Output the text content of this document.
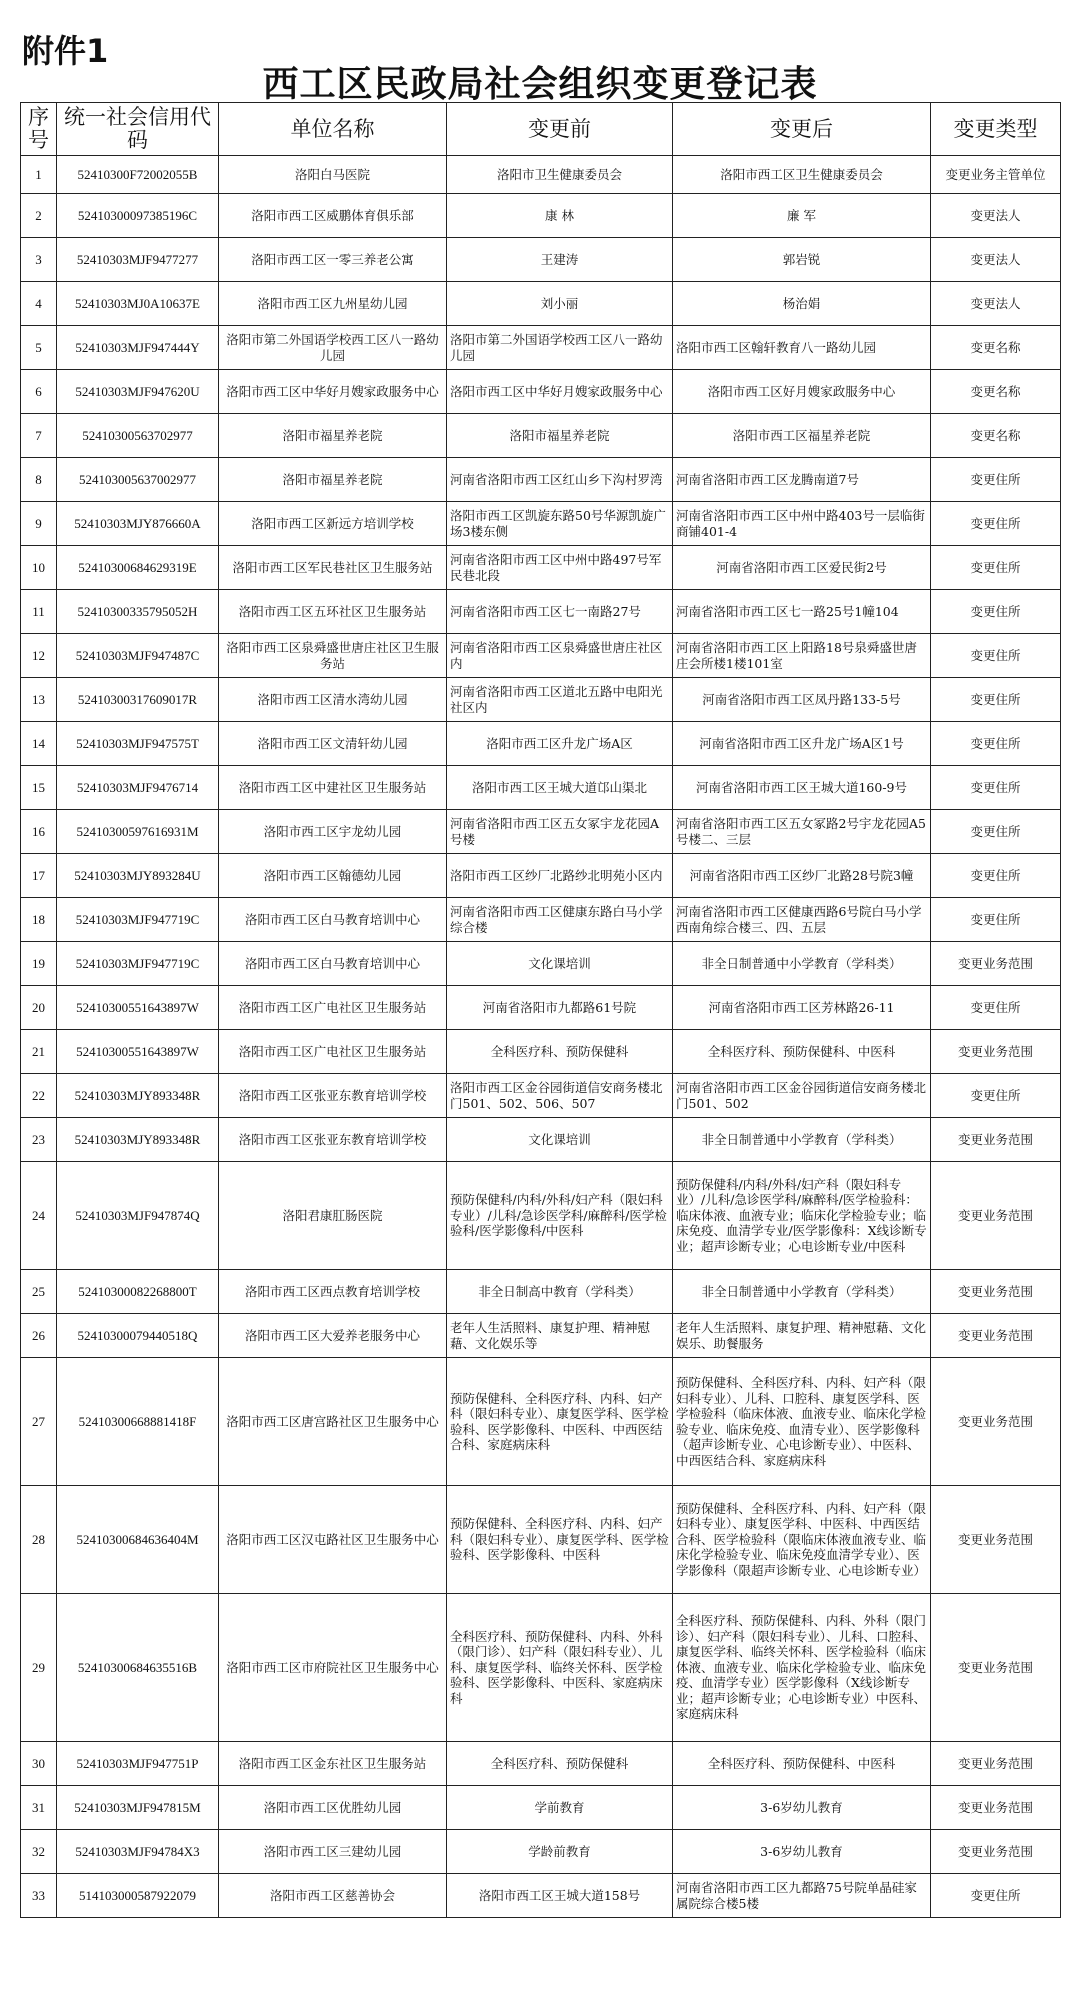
附件1
西工区民政局社会组织变更登记表
序号	统一社会信用代码	单位名称	变更前	变更后	变更类型
1	52410300F72002055B	洛阳白马医院	洛阳市卫生健康委员会	洛阳市西工区卫生健康委员会	变更业务主管单位
2	52410300097385196C	洛阳市西工区威鹏体育俱乐部	康 林	廉 军	变更法人
3	52410303MJF9477277	洛阳市西工区一零三养老公寓	王建涛	郭岩锐	变更法人
4	52410303MJ0A10637E	洛阳市西工区九州星幼儿园	刘小丽	杨治娟	变更法人
5	52410303MJF947444Y	洛阳市第二外国语学校西工区八一路幼儿园	洛阳市第二外国语学校西工区八一路幼儿园	洛阳市西工区翰轩教育八一路幼儿园	变更名称
6	52410303MJF947620U	洛阳市西工区中华好月嫂家政服务中心	洛阳市西工区中华好月嫂家政服务中心	洛阳市西工区好月嫂家政服务中心	变更名称
7	52410300563702977	洛阳市福星养老院	洛阳市福星养老院	洛阳市西工区福星养老院	变更名称
8	524103005637002977	洛阳市福星养老院	河南省洛阳市西工区红山乡下沟村罗湾	河南省洛阳市西工区龙腾南道7号	变更住所
9	52410303MJY876660A	洛阳市西工区新远方培训学校	洛阳市西工区凯旋东路50号华源凯旋广场3楼东侧	河南省洛阳市西工区中州中路403号一层临街商铺401-4	变更住所
10	52410300684629319E	洛阳市西工区军民巷社区卫生服务站	河南省洛阳市西工区中州中路497号军民巷北段	河南省洛阳市西工区爱民街2号	变更住所
11	52410300335795052H	洛阳市西工区五环社区卫生服务站	河南省洛阳市西工区七一南路27号	河南省洛阳市西工区七一路25号1幢104	变更住所
12	52410303MJF947487C	洛阳市西工区泉舜盛世唐庄社区卫生服务站	河南省洛阳市西工区泉舜盛世唐庄社区内	河南省洛阳市西工区上阳路18号泉舜盛世唐庄会所楼1楼101室	变更住所
13	52410300317609017R	洛阳市西工区清水湾幼儿园	河南省洛阳市西工区道北五路中电阳光社区内	河南省洛阳市西工区凤丹路133-5号	变更住所
14	52410303MJF947575T	洛阳市西工区文清轩幼儿园	洛阳市西工区升龙广场A区	河南省洛阳市西工区升龙广场A区1号	变更住所
15	52410303MJF9476714	洛阳市西工区中建社区卫生服务站	洛阳市西工区王城大道邙山渠北	河南省洛阳市西工区王城大道160-9号	变更住所
16	52410300597616931M	洛阳市西工区宇龙幼儿园	河南省洛阳市西工区五女冢宇龙花园A号楼	河南省洛阳市西工区五女冢路2号宇龙花园A5号楼二、三层	变更住所
17	52410303MJY893284U	洛阳市西工区翰德幼儿园	洛阳市西工区纱厂北路纱北明苑小区内	河南省洛阳市西工区纱厂北路28号院3幢	变更住所
18	52410303MJF947719C	洛阳市西工区白马教育培训中心	河南省洛阳市西工区健康东路白马小学综合楼	河南省洛阳市西工区健康西路6号院白马小学西南角综合楼三、四、五层	变更住所
19	52410303MJF947719C	洛阳市西工区白马教育培训中心	文化课培训	非全日制普通中小学教育（学科类）	变更业务范围
20	52410300551643897W	洛阳市西工区广电社区卫生服务站	河南省洛阳市九都路61号院	河南省洛阳市西工区芳林路26-11	变更住所
21	52410300551643897W	洛阳市西工区广电社区卫生服务站	全科医疗科、预防保健科	全科医疗科、预防保健科、中医科	变更业务范围
22	52410303MJY893348R	洛阳市西工区张亚东教育培训学校	洛阳市西工区金谷园街道信安商务楼北门501、502、506、507	河南省洛阳市西工区金谷园街道信安商务楼北门501、502	变更住所
23	52410303MJY893348R	洛阳市西工区张亚东教育培训学校	文化课培训	非全日制普通中小学教育（学科类）	变更业务范围
24	52410303MJF947874Q	洛阳君康肛肠医院	预防保健科/内科/外科/妇产科（限妇科专业）/儿科/急诊医学科/麻醉科/医学检验科/医学影像科/中医科	预防保健科/内科/外科/妇产科（限妇科专业）/儿科/急诊医学科/麻醉科/医学检验科：临床体液、血液专业；临床化学检验专业；临床免疫、血清学专业/医学影像科：X线诊断专业；超声诊断专业；心电诊断专业/中医科	变更业务范围
25	52410300082268800T	洛阳市西工区西点教育培训学校	非全日制高中教育（学科类）	非全日制普通中小学教育（学科类）	变更业务范围
26	52410300079440518Q	洛阳市西工区大爱养老服务中心	老年人生活照料、康复护理、精神慰藉、文化娱乐等	老年人生活照料、康复护理、精神慰藉、文化娱乐、助餐服务	变更业务范围
27	52410300668881418F	洛阳市西工区唐宫路社区卫生服务中心	预防保健科、全科医疗科、内科、妇产科（限妇科专业）、康复医学科、医学检验科、医学影像科、中医科、中西医结合科、家庭病床科	预防保健科、全科医疗科、内科、妇产科（限妇科专业）、儿科、口腔科、康复医学科、医学检验科（临床体液、血液专业、临床化学检验专业、临床免疫、血清专业）、医学影像科（超声诊断专业、心电诊断专业）、中医科、中西医结合科、家庭病床科	变更业务范围
28	52410300684636404M	洛阳市西工区汉屯路社区卫生服务中心	预防保健科、全科医疗科、内科、妇产科（限妇科专业）、康复医学科、医学检验科、医学影像科、中医科	预防保健科、全科医疗科、内科、妇产科（限妇科专业）、康复医学科、中医科、中西医结合科、医学检验科（限临床体液血液专业、临床化学检验专业、临床免疫血清学专业）、医学影像科（限超声诊断专业、心电诊断专业）	变更业务范围
29	52410300684635516B	洛阳市西工区市府院社区卫生服务中心	全科医疗科、预防保健科、内科、外科（限门诊）、妇产科（限妇科专业）、儿科、康复医学科、临终关怀科、医学检验科、医学影像科、中医科、家庭病床科	全科医疗科、预防保健科、内科、外科（限门诊）、妇产科（限妇科专业）、儿科、口腔科、康复医学科、临终关怀科、医学检验科（临床体液、血液专业、临床化学检验专业、临床免疫、血清学专业）医学影像科（X线诊断专业；超声诊断专业；心电诊断专业）中医科、家庭病床科	变更业务范围
30	52410303MJF947751P	洛阳市西工区金东社区卫生服务站	全科医疗科、预防保健科	全科医疗科、预防保健科、中医科	变更业务范围
31	52410303MJF947815M	洛阳市西工区优胜幼儿园	学前教育	3-6岁幼儿教育	变更业务范围
32	52410303MJF94784X3	洛阳市西工区三建幼儿园	学龄前教育	3-6岁幼儿教育	变更业务范围
33	514103000587922079	洛阳市西工区慈善协会	洛阳市西工区王城大道158号	河南省洛阳市西工区九都路75号院单晶硅家属院综合楼5楼	变更住所
